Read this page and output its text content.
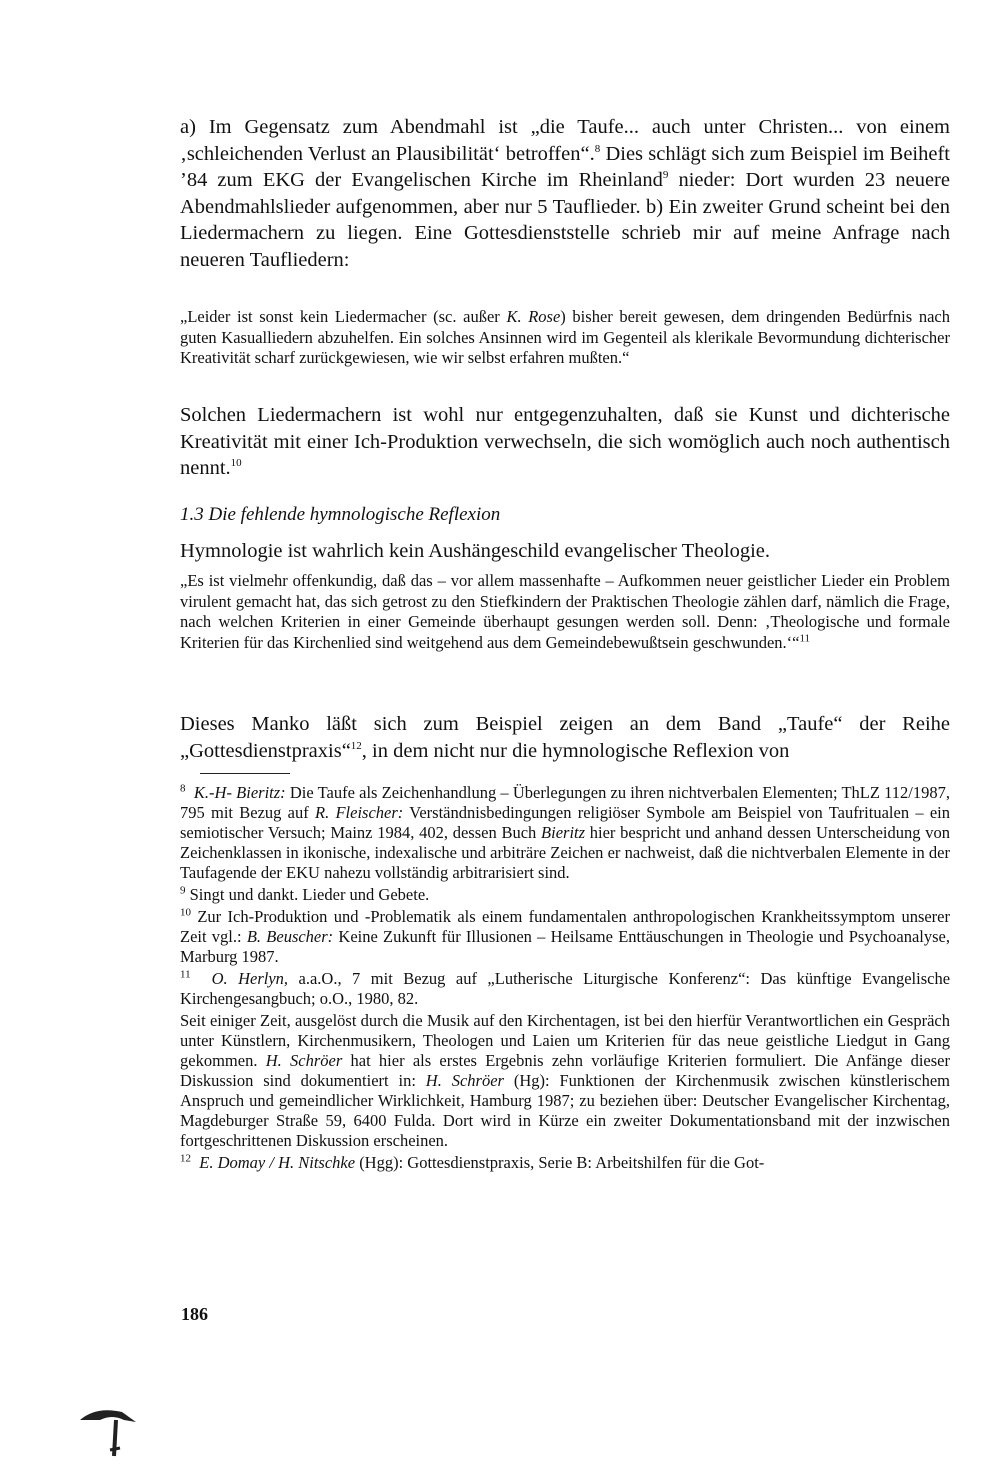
a) Im Gegensatz zum Abendmahl ist „die Taufe... auch unter Christen... von einem ‚schleichenden Verlust an Plausibilität‘ betroffen“.$^8$ Dies schlägt sich zum Beispiel im Beiheft ’84 zum EKG der Evangelischen Kirche im Rheinland$^9$ nieder: Dort wurden 23 neuere Abendmahlslieder aufgenommen, aber nur 5 Tauflieder. b) Ein zweiter Grund scheint bei den Liedermachern zu liegen. Eine Gottesdienststelle schrieb mir auf meine Anfrage nach neueren Taufliedern:

„Leider ist sonst kein Liedermacher (sc. außer K. Rose) bisher bereit gewesen, dem dringenden Bedürfnis nach guten Kasualliedern abzuhelfen. Ein solches Ansinnen wird im Gegenteil als klerikale Bevormundung dichterischer Kreativität scharf zurückgewiesen, wie wir selbst erfahren mußten.“

Solchen Liedermachern ist wohl nur entgegenzuhalten, daß sie Kunst und dichterische Kreativität mit einer Ich-Produktion verwechseln, die sich womöglich auch noch authentisch nennt.$^{10}$

1.3 Die fehlende hymnologische Reflexion

Hymnologie ist wahrlich kein Aushängeschild evangelischer Theologie.

„Es ist vielmehr offenkundig, daß das – vor allem massenhafte – Aufkommen neuer geistlicher Lieder ein Problem virulent gemacht hat, das sich getrost zu den Stiefkindern der Praktischen Theologie zählen darf, nämlich die Frage, nach welchen Kriterien in einer Gemeinde überhaupt gesungen werden soll. Denn: ‚Theologische und formale Kriterien für das Kirchenlied sind weitgehend aus dem Gemeindebewußtsein geschwunden.‘“$^{11}$

Dieses Manko läßt sich zum Beispiel zeigen an dem Band „Taufe“ der Reihe „Gottesdienstpraxis“$^{12}$, in dem nicht nur die hymnologische Reflexion von

$^8$ K.-H- Bieritz: Die Taufe als Zeichenhandlung – Überlegungen zu ihren nichtverbalen Elementen; ThLZ 112/1987, 795 mit Bezug auf R. Fleischer: Verständnisbedingungen religiöser Symbole am Beispiel von Taufritualen – ein semiotischer Versuch; Mainz 1984, 402, dessen Buch Bieritz hier bespricht und anhand dessen Unterscheidung von Zeichenklassen in ikonische, indexalische und arbiträre Zeichen er nachweist, daß die nichtverbalen Elemente in der Taufagende der EKU nahezu vollständig arbitrarisiert sind.

$^9$ Singt und dankt. Lieder und Gebete.

$^{10}$ Zur Ich-Produktion und -Problematik als einem fundamentalen anthropologischen Krankheitssymptom unserer Zeit vgl.: B. Beuscher: Keine Zukunft für Illusionen – Heilsame Enttäuschungen in Theologie und Psychoanalyse, Marburg 1987.

$^{11}$ O. Herlyn, a.a.O., 7 mit Bezug auf „Lutherische Liturgische Konferenz“: Das künftige Evangelische Kirchengesangbuch; o.O., 1980, 82.

Seit einiger Zeit, ausgelöst durch die Musik auf den Kirchentagen, ist bei den hierfür Verantwortlichen ein Gespräch unter Künstlern, Kirchenmusikern, Theologen und Laien um Kriterien für das neue geistliche Liedgut in Gang gekommen. H. Schröer hat hier als erstes Ergebnis zehn vorläufige Kriterien formuliert. Die Anfänge dieser Diskussion sind dokumentiert in: H. Schröer (Hg): Funktionen der Kirchenmusik zwischen künstlerischem Anspruch und gemeindlicher Wirklichkeit, Hamburg 1987; zu beziehen über: Deutscher Evangelischer Kirchentag, Magdeburger Straße 59, 6400 Fulda. Dort wird in Kürze ein zweiter Dokumentationsband mit der inzwischen fortgeschrittenen Diskussion erscheinen.

$^{12}$ E. Domay / H. Nitschke (Hgg): Gottesdienstpraxis, Serie B: Arbeitshilfen für die Got-

186
